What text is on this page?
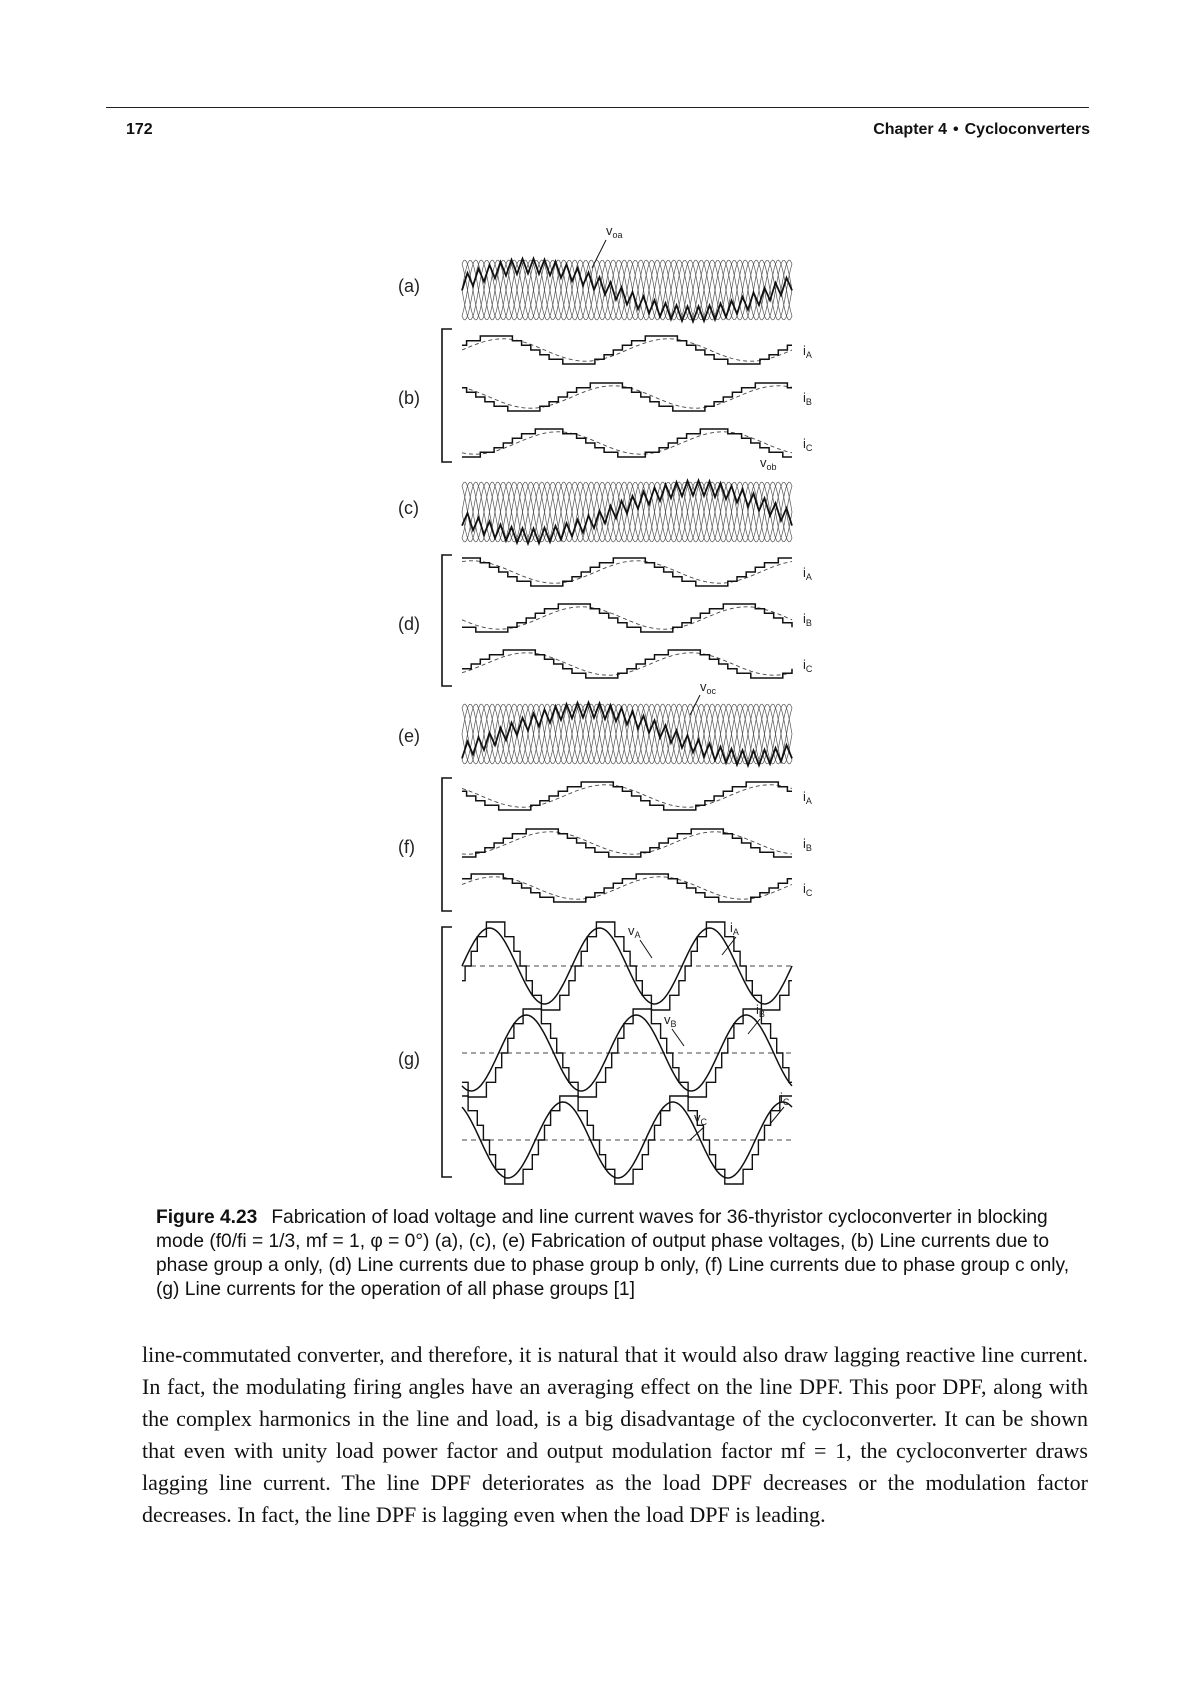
172	Chapter 4 • Cycloconverters
(a)
$v_{oa}$
(b)
$i_A$
$i_B$
$i_C$
(c)
$v_{ob}$
(d)
$i_A$
$i_B$
$i_C$
(e)
$v_{oc}$
(f)
$i_A$
$i_B$
$i_C$
(g)
$v_A$	$i_A$
$v_B$
$i_B$
$v_C$
$i_C$
Figure 4.23 Fabrication of load voltage and line current waves for 36-thyristor cycloconverter in blocking mode (f0/fi = 1/3, mf = 1, φ = 0°) (a), (c), (e) Fabrication of output phase voltages, (b) Line currents due to phase group a only, (d) Line currents due to phase group b only, (f) Line currents due to phase group c only, (g) Line currents for the operation of all phase groups [1]
line-commutated converter, and therefore, it is natural that it would also draw lagging reactive line current. In fact, the modulating firing angles have an averaging effect on the line DPF. This poor DPF, along with the complex harmonics in the line and load, is a big disadvantage of the cycloconverter. It can be shown that even with unity load power factor and output modulation factor mf = 1, the cycloconverter draws lagging line current. The line DPF deteriorates as the load DPF decreases or the modulation factor decreases. In fact, the line DPF is lagging even when the load DPF is leading.
